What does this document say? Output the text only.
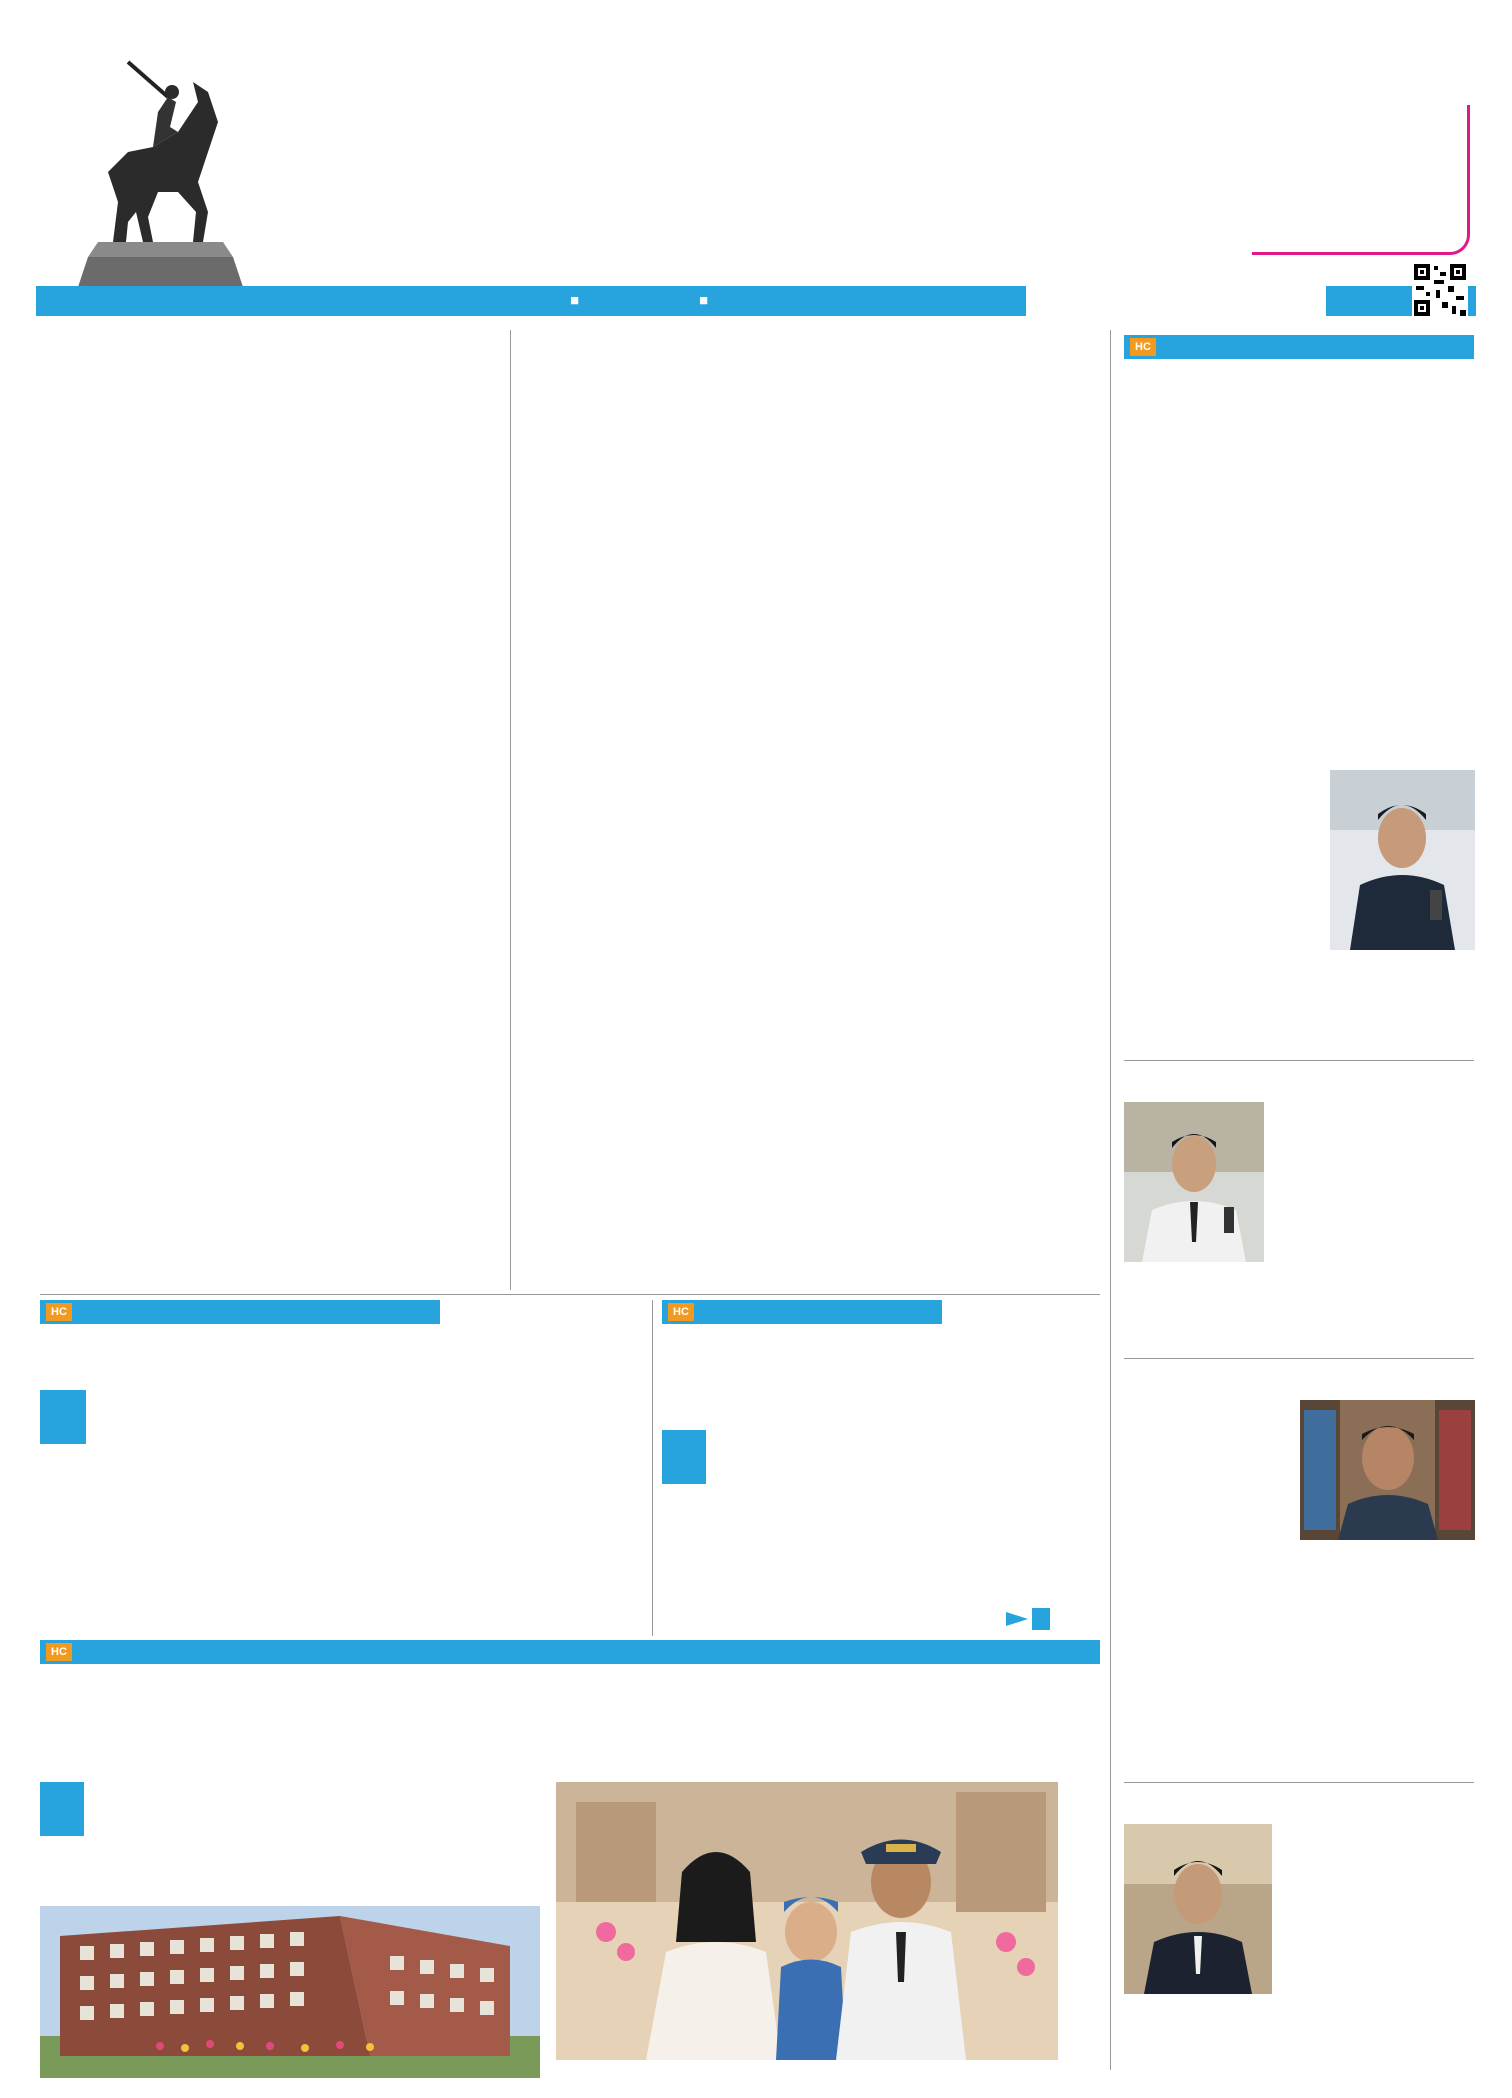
■	■
НС
НС	НС
НС
